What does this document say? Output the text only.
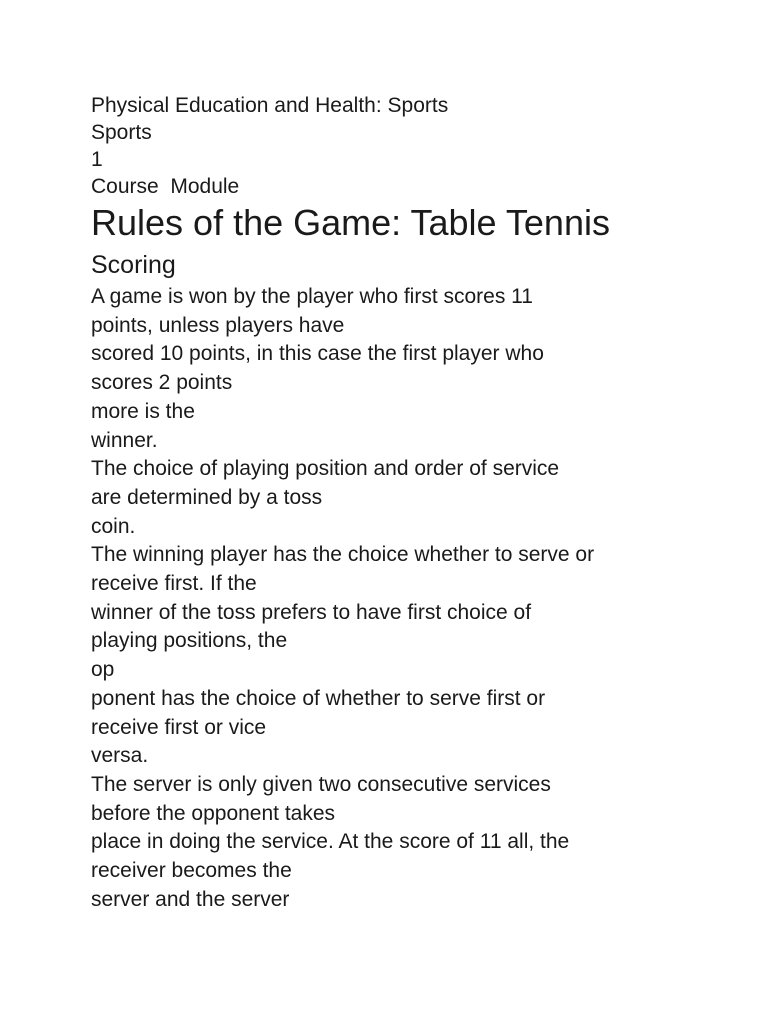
Physical Education and Health: Sports
Sports
1
Course  Module
Rules of the Game: Table Tennis
Scoring
A game is won by the player who first scores 11
points, unless players have
scored 10 points, in this case the first player who
scores 2 points
more is the
winner.
The choice of playing position and order of service
are determined by a toss
coin.
The winning player has the choice whether to serve or
receive first. If the
winner of the toss prefers to have first choice of
playing positions, the
op
ponent has the choice of whether to serve first or
receive first or vice
versa.
The server is only given two consecutive services
before the opponent takes
place in doing the service. At the score of 11 all, the
receiver becomes the
server and the server
